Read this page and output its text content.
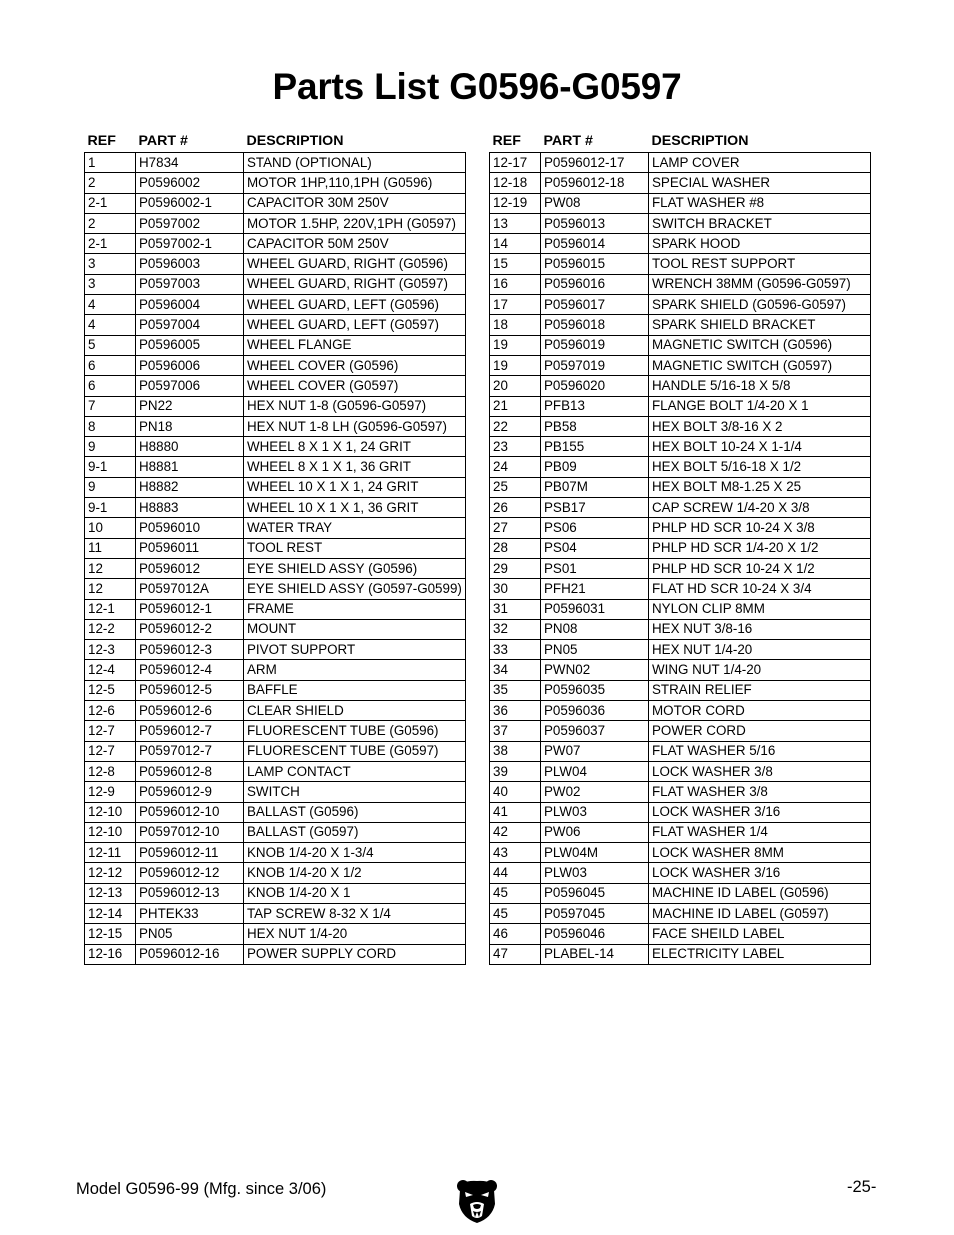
Parts List G0596-G0597
REF	PART #	DESCRIPTION
1	H7834	STAND (OPTIONAL)
2	P0596002	MOTOR 1HP,110,1PH (G0596)
2-1	P0596002-1	CAPACITOR 30M 250V
2	P0597002	MOTOR 1.5HP, 220V,1PH (G0597)
2-1	P0597002-1	CAPACITOR 50M 250V
3	P0596003	WHEEL GUARD, RIGHT (G0596)
3	P0597003	WHEEL GUARD, RIGHT (G0597)
4	P0596004	WHEEL GUARD, LEFT (G0596)
4	P0597004	WHEEL GUARD, LEFT (G0597)
5	P0596005	WHEEL FLANGE
6	P0596006	WHEEL COVER (G0596)
6	P0597006	WHEEL COVER (G0597)
7	PN22	HEX NUT 1-8 (G0596-G0597)
8	PN18	HEX NUT 1-8 LH (G0596-G0597)
9	H8880	WHEEL 8 X 1 X 1, 24 GRIT
9-1	H8881	WHEEL 8 X 1 X 1, 36 GRIT
9	H8882	WHEEL 10 X 1 X 1, 24 GRIT
9-1	H8883	WHEEL 10 X 1 X 1, 36 GRIT
10	P0596010	WATER TRAY
11	P0596011	TOOL REST
12	P0596012	EYE SHIELD ASSY (G0596)
12	P0597012A	EYE SHIELD ASSY (G0597-G0599)
12-1	P0596012-1	FRAME
12-2	P0596012-2	MOUNT
12-3	P0596012-3	PIVOT SUPPORT
12-4	P0596012-4	ARM
12-5	P0596012-5	BAFFLE
12-6	P0596012-6	CLEAR SHIELD
12-7	P0596012-7	FLUORESCENT TUBE (G0596)
12-7	P0597012-7	FLUORESCENT TUBE (G0597)
12-8	P0596012-8	LAMP CONTACT
12-9	P0596012-9	SWITCH
12-10	P0596012-10	BALLAST (G0596)
12-10	P0597012-10	BALLAST (G0597)
12-11	P0596012-11	KNOB 1/4-20 X 1-3/4
12-12	P0596012-12	KNOB 1/4-20 X 1/2
12-13	P0596012-13	KNOB 1/4-20 X 1
12-14	PHTEK33	TAP SCREW 8-32 X 1/4
12-15	PN05	HEX NUT 1/4-20
12-16	P0596012-16	POWER SUPPLY CORD
REF	PART #	DESCRIPTION
12-17	P0596012-17	LAMP COVER
12-18	P0596012-18	SPECIAL WASHER
12-19	PW08	FLAT WASHER #8
13	P0596013	SWITCH BRACKET
14	P0596014	SPARK HOOD
15	P0596015	TOOL REST SUPPORT
16	P0596016	WRENCH 38MM (G0596-G0597)
17	P0596017	SPARK SHIELD (G0596-G0597)
18	P0596018	SPARK SHIELD BRACKET
19	P0596019	MAGNETIC SWITCH (G0596)
19	P0597019	MAGNETIC SWITCH (G0597)
20	P0596020	HANDLE 5/16-18 X 5/8
21	PFB13	FLANGE BOLT 1/4-20 X 1
22	PB58	HEX BOLT 3/8-16 X 2
23	PB155	HEX BOLT 10-24 X 1-1/4
24	PB09	HEX BOLT 5/16-18 X 1/2
25	PB07M	HEX BOLT M8-1.25 X 25
26	PSB17	CAP SCREW 1/4-20 X 3/8
27	PS06	PHLP HD SCR 10-24 X 3/8
28	PS04	PHLP HD SCR 1/4-20 X 1/2
29	PS01	PHLP HD SCR 10-24 X 1/2
30	PFH21	FLAT HD SCR 10-24 X 3/4
31	P0596031	NYLON CLIP 8MM
32	PN08	HEX NUT 3/8-16
33	PN05	HEX NUT 1/4-20
34	PWN02	WING NUT 1/4-20
35	P0596035	STRAIN RELIEF
36	P0596036	MOTOR CORD
37	P0596037	POWER CORD
38	PW07	FLAT WASHER 5/16
39	PLW04	LOCK WASHER 3/8
40	PW02	FLAT WASHER 3/8
41	PLW03	LOCK WASHER 3/16
42	PW06	FLAT WASHER 1/4
43	PLW04M	LOCK WASHER 8MM
44	PLW03	LOCK WASHER 3/16
45	P0596045	MACHINE ID LABEL (G0596)
45	P0597045	MACHINE ID LABEL (G0597)
46	P0596046	FACE SHEILD LABEL
47	PLABEL-14	ELECTRICITY LABEL
Model G0596-99 (Mfg. since 3/06)	-25-
